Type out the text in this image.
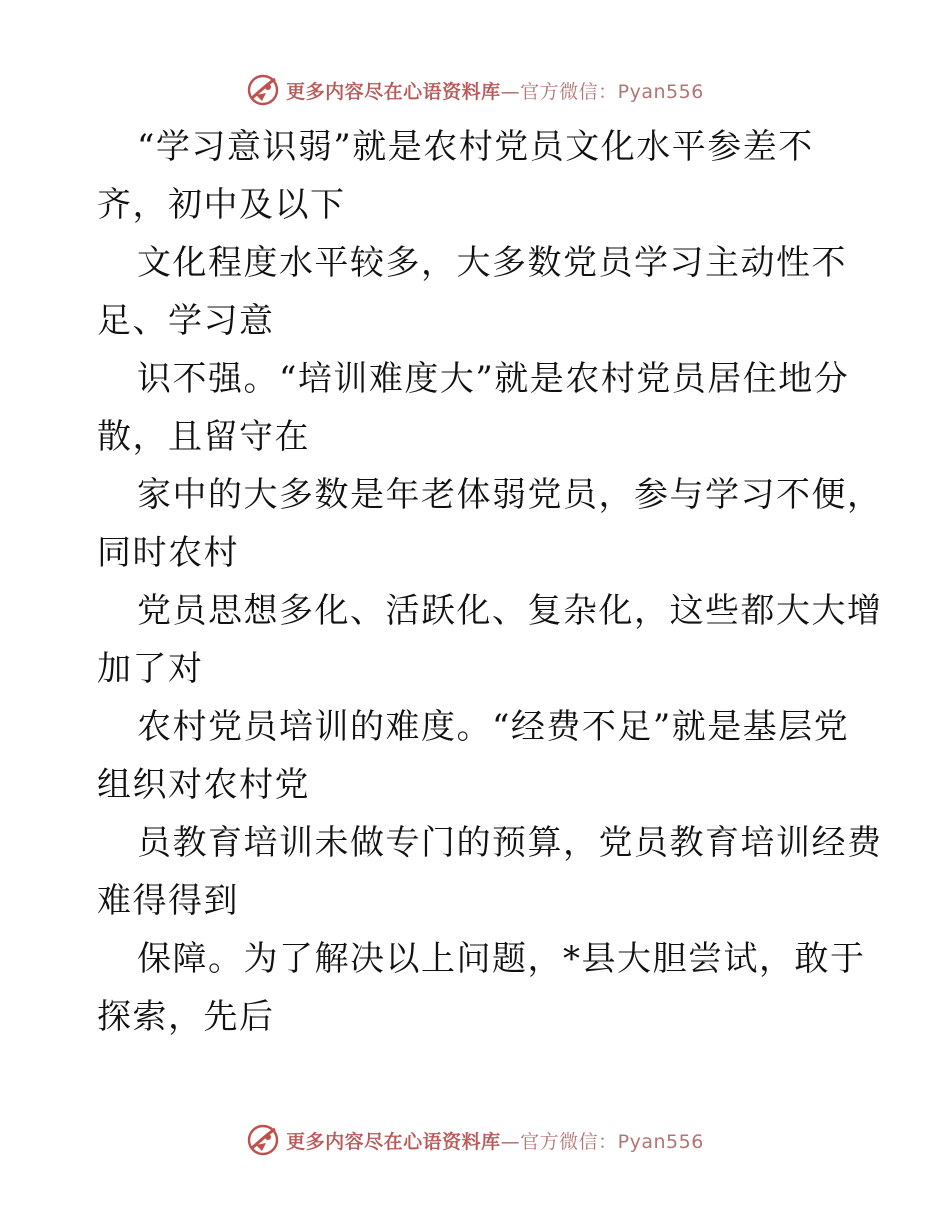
更多内容尽在心语资料库—官方微信：Pyan556
“学习意识弱”就是农村党员文化水平参差不
齐，初中及以下
文化程度水平较多，大多数党员学习主动性不
足、学习意
识不强。“培训难度大”就是农村党员居住地分
散，且留守在
家中的大多数是年老体弱党员，参与学习不便，
同时农村
党员思想多化、活跃化、复杂化，这些都大大增
加了对
农村党员培训的难度。“经费不足”就是基层党
组织对农村党
员教育培训未做专门的预算，党员教育培训经费
难得得到
保障。为了解决以上问题，*县大胆尝试，敢于
探索，先后
更多内容尽在心语资料库—官方微信：Pyan556
